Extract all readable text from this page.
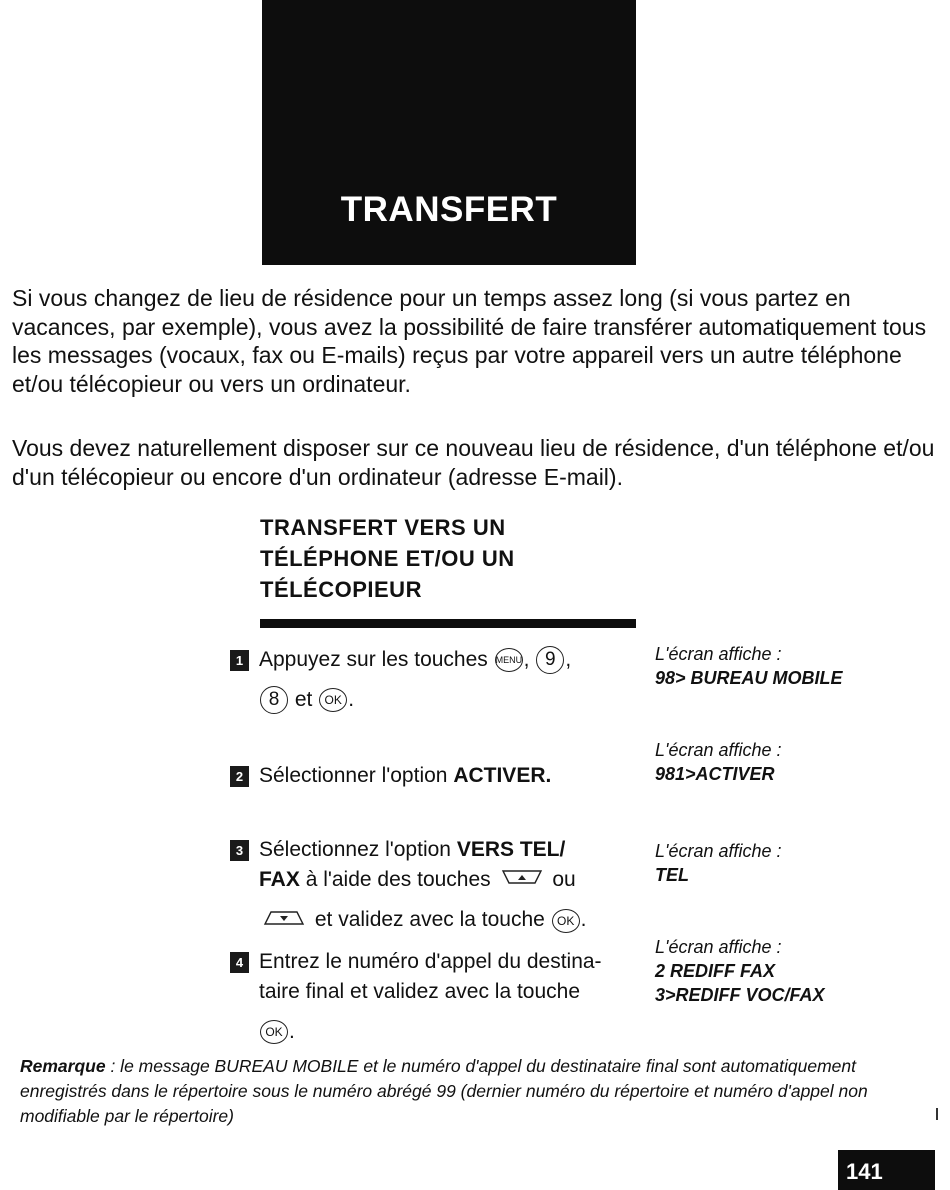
TRANSFERT

Si vous changez de lieu de résidence pour un temps assez long (si vous partez en vacances, par exemple), vous avez la possibilité de faire transférer automatiquement tous les messages (vocaux, fax ou E-mails) reçus par votre appareil vers un autre téléphone et/ou télécopieur ou vers un ordinateur.

Vous devez naturellement disposer sur ce nouveau lieu de résidence, d'un téléphone et/ou d'un télécopieur ou encore d'un ordinateur (adresse E-mail).

TRANSFERT VERS UN
TÉLÉPHONE ET/OU UN
TÉLÉCOPIEUR
1 Appuyez sur les touches MENU, 9 ,
8 et OK .
L'écran affiche :
98> BUREAU MOBILE
2 Sélectionner l'option ACTIVER.
L'écran affiche :
981>ACTIVER
3 Sélectionnez l'option VERS TEL/
FAX à l'aide des touches	ou

et validez avec la touche OK .
L'écran affiche :
TEL
4 Entrez le numéro d'appel du destina-
taire final et validez avec la touche

OK .
L'écran affiche :
2 REDIFF FAX
3>REDIFF VOC/FAX
Remarque : le message BUREAU MOBILE et le numéro d'appel du destinataire final sont automatiquement enregistrés dans le répertoire sous le numéro abrégé 99 (dernier numéro du répertoire et numéro d'appel non modifiable par le répertoire)
141
